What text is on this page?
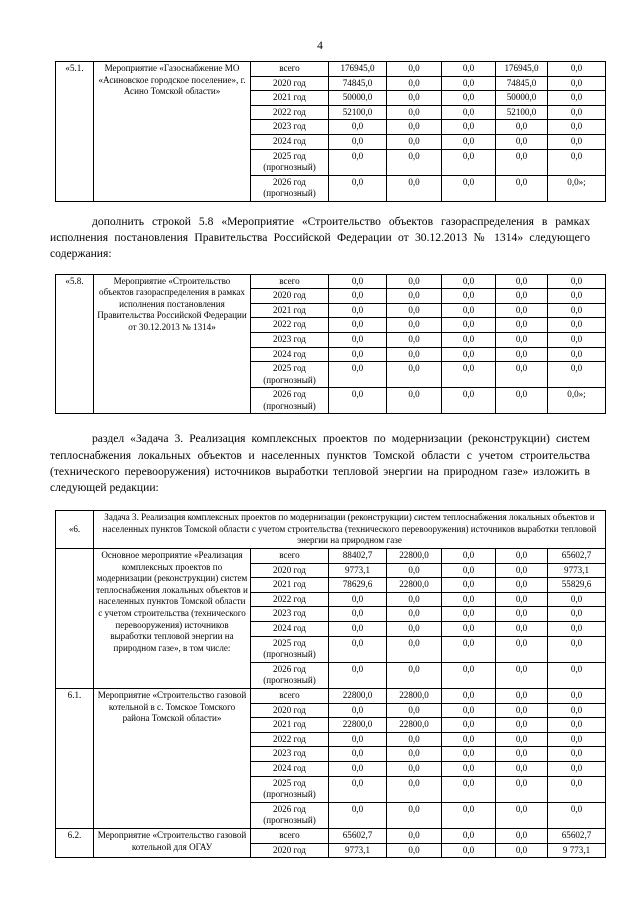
4
«5.1.	Мероприятие «Газоснабжение МО «Асиновское городское поселение», г. Асино Томской области»	всего	176945,0	0,0	0,0	176945,0	0,0
		2020 год	74845,0	0,0	0,0	74845,0	0,0
		2021 год	50000,0	0,0	0,0	50000,0	0,0
		2022 год	52100,0	0,0	0,0	52100,0	0,0
		2023 год	0,0	0,0	0,0	0,0	0,0
		2024 год	0,0	0,0	0,0	0,0	0,0
		2025 год (прогнозный)	0,0	0,0	0,0	0,0	0,0
		2026 год (прогнозный)	0,0	0,0	0,0	0,0	0,0»;

дополнить строкой 5.8 «Мероприятие «Строительство объектов газораспределения в рамках исполнения постановления Правительства Российской Федерации от 30.12.2013 № 1314» следующего содержания:

«5.8.	Мероприятие «Строительство объектов газораспределения в рамках исполнения постановления Правительства Российской Федерации от 30.12.2013 № 1314»	всего	0,0	0,0	0,0	0,0	0,0
		2020 год	0,0	0,0	0,0	0,0	0,0
		2021 год	0,0	0,0	0,0	0,0	0,0
		2022 год	0,0	0,0	0,0	0,0	0,0
		2023 год	0,0	0,0	0,0	0,0	0,0
		2024 год	0,0	0,0	0,0	0,0	0,0
		2025 год (прогнозный)	0,0	0,0	0,0	0,0	0,0
		2026 год (прогнозный)	0,0	0,0	0,0	0,0	0,0»;

раздел «Задача 3. Реализация комплексных проектов по модернизации (реконструкции) систем теплоснабжения локальных объектов и населенных пунктов Томской области с учетом строительства (технического перевооружения) источников выработки тепловой энергии на природном газе» изложить в следующей редакции:

«6.	Задача 3. Реализация комплексных проектов по модернизации (реконструкции) систем теплоснабжения локальных объектов и населенных пунктов Томской области с учетом строительства (технического перевооружения) источников выработки тепловой энергии на природном газе						
	Основное мероприятие «Реализация комплексных проектов по модернизации (реконструкции) систем теплоснабжения локальных объектов и населенных пунктов Томской области с учетом строительства (технического перевооружения) источников выработки тепловой энергии на природном газе», в том числе:	всего	88402,7	22800,0	0,0	0,0	65602,7
		2020 год	9773,1	0,0	0,0	0,0	9773,1
		2021 год	78629,6	22800,0	0,0	0,0	55829,6
		2022 год	0,0	0,0	0,0	0,0	0,0
		2023 год	0,0	0,0	0,0	0,0	0,0
		2024 год	0,0	0,0	0,0	0,0	0,0
		2025 год (прогнозный)	0,0	0,0	0,0	0,0	0,0
		2026 год (прогнозный)	0,0	0,0	0,0	0,0	0,0
6.1.	Мероприятие «Строительство газовой котельной в с. Томское Томского района Томской области»	всего	22800,0	22800,0	0,0	0,0	0,0
		2020 год	0,0	0,0	0,0	0,0	0,0
		2021 год	22800,0	22800,0	0,0	0,0	0,0
		2022 год	0,0	0,0	0,0	0,0	0,0
		2023 год	0,0	0,0	0,0	0,0	0,0
		2024 год	0,0	0,0	0,0	0,0	0,0
		2025 год (прогнозный)	0,0	0,0	0,0	0,0	0,0
		2026 год (прогнозный)	0,0	0,0	0,0	0,0	0,0
6.2.	Мероприятие «Строительство газовой котельной для ОГАУ	всего	65602,7	0,0	0,0	0,0	65602,7
		2020 год	9773,1	0,0	0,0	0,0	9 773,1
